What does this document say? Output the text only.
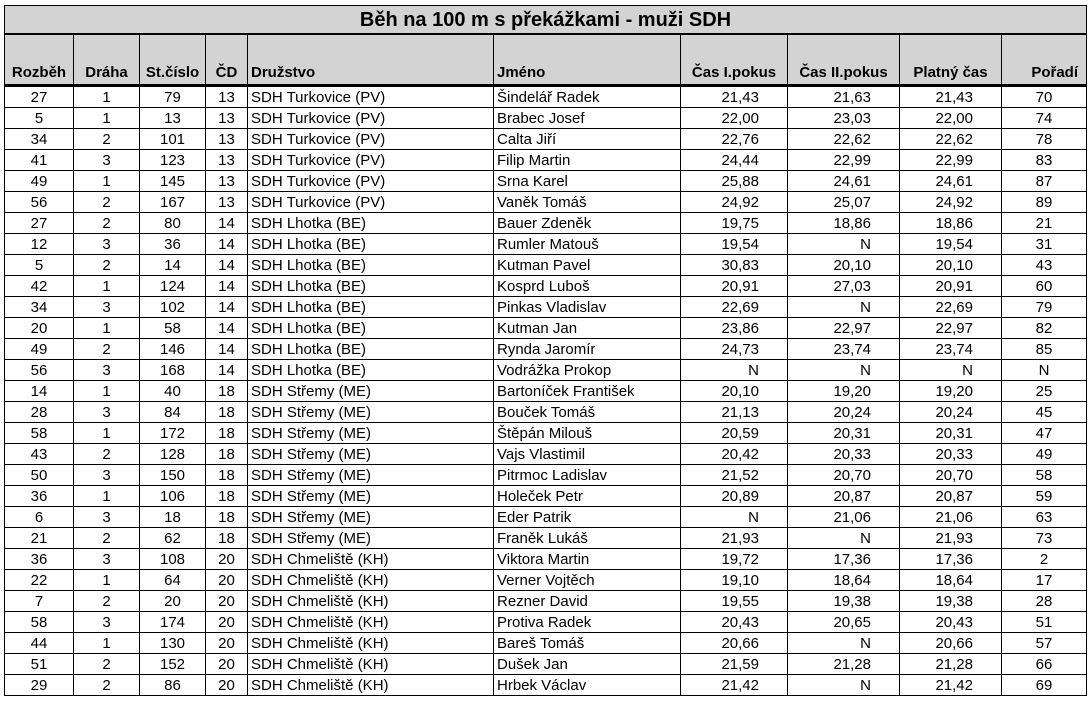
Běh na 100 m s překážkami - muži SDH									
Rozběh	Dráha	St.číslo	ČD	Družstvo	Jméno	Čas I.pokus	Čas II.pokus	Platný čas	Pořadí
27	1	79	13	SDH Turkovice (PV)	Šindelář Radek	21,43	21,63	21,43	70
5	1	13	13	SDH Turkovice (PV)	Brabec Josef	22,00	23,03	22,00	74
34	2	101	13	SDH Turkovice (PV)	Calta Jiří	22,76	22,62	22,62	78
41	3	123	13	SDH Turkovice (PV)	Filip Martin	24,44	22,99	22,99	83
49	1	145	13	SDH Turkovice (PV)	Srna Karel	25,88	24,61	24,61	87
56	2	167	13	SDH Turkovice (PV)	Vaněk Tomáš	24,92	25,07	24,92	89
27	2	80	14	SDH Lhotka (BE)	Bauer Zdeněk	19,75	18,86	18,86	21
12	3	36	14	SDH Lhotka (BE)	Rumler Matouš	19,54	N	19,54	31
5	2	14	14	SDH Lhotka (BE)	Kutman Pavel	30,83	20,10	20,10	43
42	1	124	14	SDH Lhotka (BE)	Kosprd Luboš	20,91	27,03	20,91	60
34	3	102	14	SDH Lhotka (BE)	Pinkas Vladislav	22,69	N	22,69	79
20	1	58	14	SDH Lhotka (BE)	Kutman Jan	23,86	22,97	22,97	82
49	2	146	14	SDH Lhotka (BE)	Rynda Jaromír	24,73	23,74	23,74	85
56	3	168	14	SDH Lhotka (BE)	Vodrážka Prokop	N	N	N	N
14	1	40	18	SDH Střemy (ME)	Bartoníček František	20,10	19,20	19,20	25
28	3	84	18	SDH Střemy (ME)	Bouček Tomáš	21,13	20,24	20,24	45
58	1	172	18	SDH Střemy (ME)	Štěpán Milouš	20,59	20,31	20,31	47
43	2	128	18	SDH Střemy (ME)	Vajs Vlastimil	20,42	20,33	20,33	49
50	3	150	18	SDH Střemy (ME)	Pitrmoc Ladislav	21,52	20,70	20,70	58
36	1	106	18	SDH Střemy (ME)	Holeček Petr	20,89	20,87	20,87	59
6	3	18	18	SDH Střemy (ME)	Eder Patrik	N	21,06	21,06	63
21	2	62	18	SDH Střemy (ME)	Franěk Lukáš	21,93	N	21,93	73
36	3	108	20	SDH Chmeliště (KH)	Viktora Martin	19,72	17,36	17,36	2
22	1	64	20	SDH Chmeliště (KH)	Verner Vojtěch	19,10	18,64	18,64	17
7	2	20	20	SDH Chmeliště (KH)	Rezner David	19,55	19,38	19,38	28
58	3	174	20	SDH Chmeliště (KH)	Protiva Radek	20,43	20,65	20,43	51
44	1	130	20	SDH Chmeliště (KH)	Bareš Tomáš	20,66	N	20,66	57
51	2	152	20	SDH Chmeliště (KH)	Dušek Jan	21,59	21,28	21,28	66
29	2	86	20	SDH Chmeliště (KH)	Hrbek Václav	21,42	N	21,42	69
